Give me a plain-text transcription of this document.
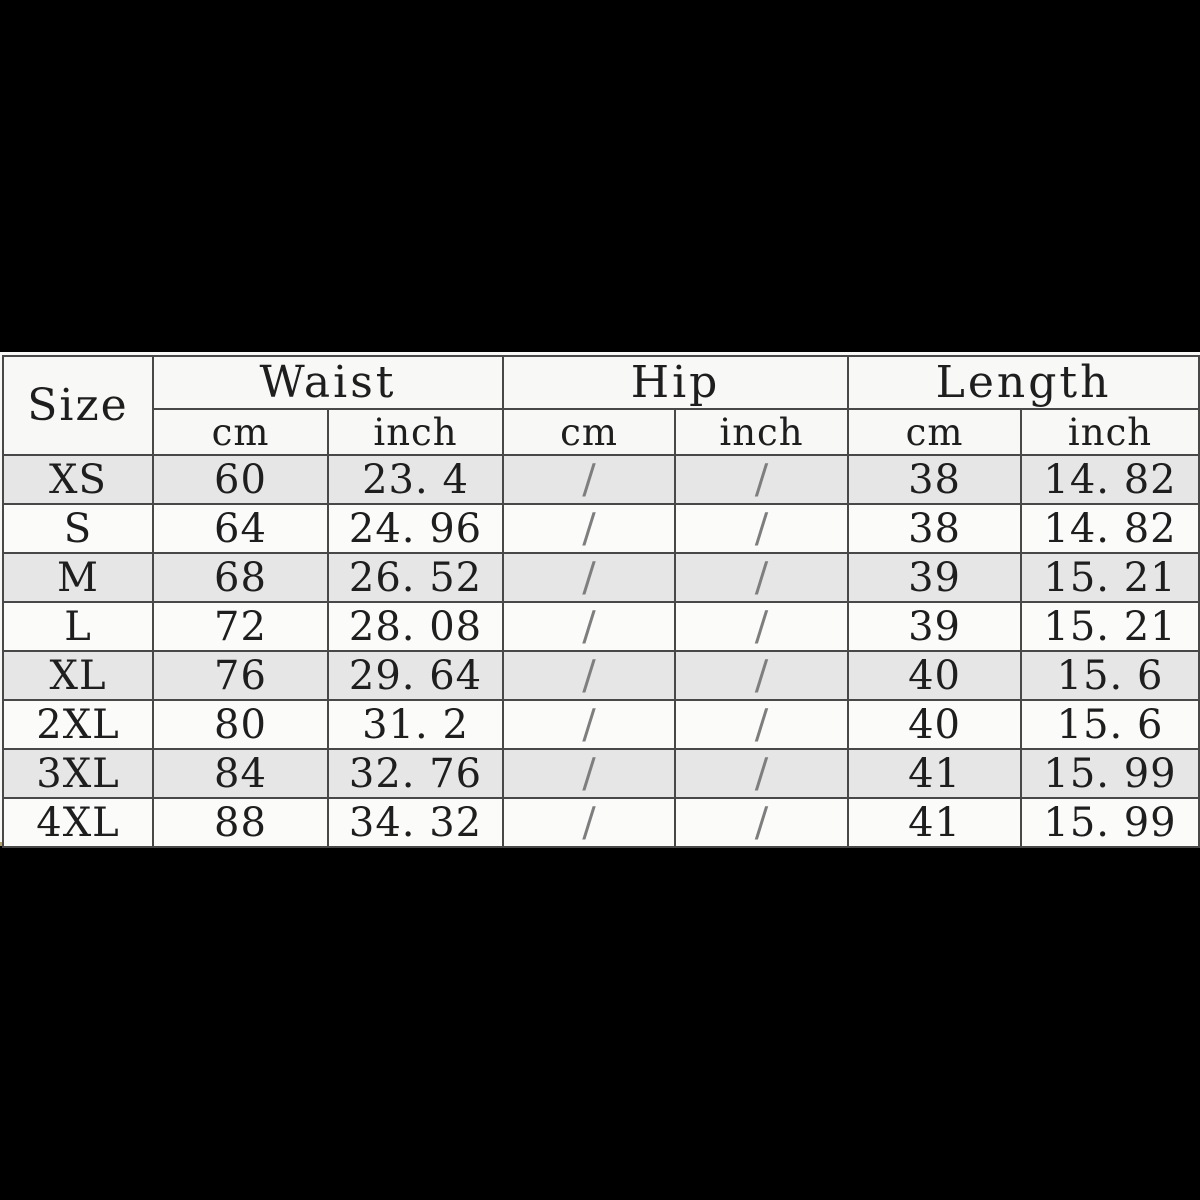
Size	Waist		Hip		Length	
	cm	inch	cm	inch	cm	inch
XS	60	23. 4	/	/	38	14. 82
S	64	24. 96	/	/	38	14. 82
M	68	26. 52	/	/	39	15. 21
L	72	28. 08	/	/	39	15. 21
XL	76	29. 64	/	/	40	15. 6
2XL	80	31. 2	/	/	40	15. 6
3XL	84	32. 76	/	/	41	15. 99
4XL	88	34. 32	/	/	41	15. 99
